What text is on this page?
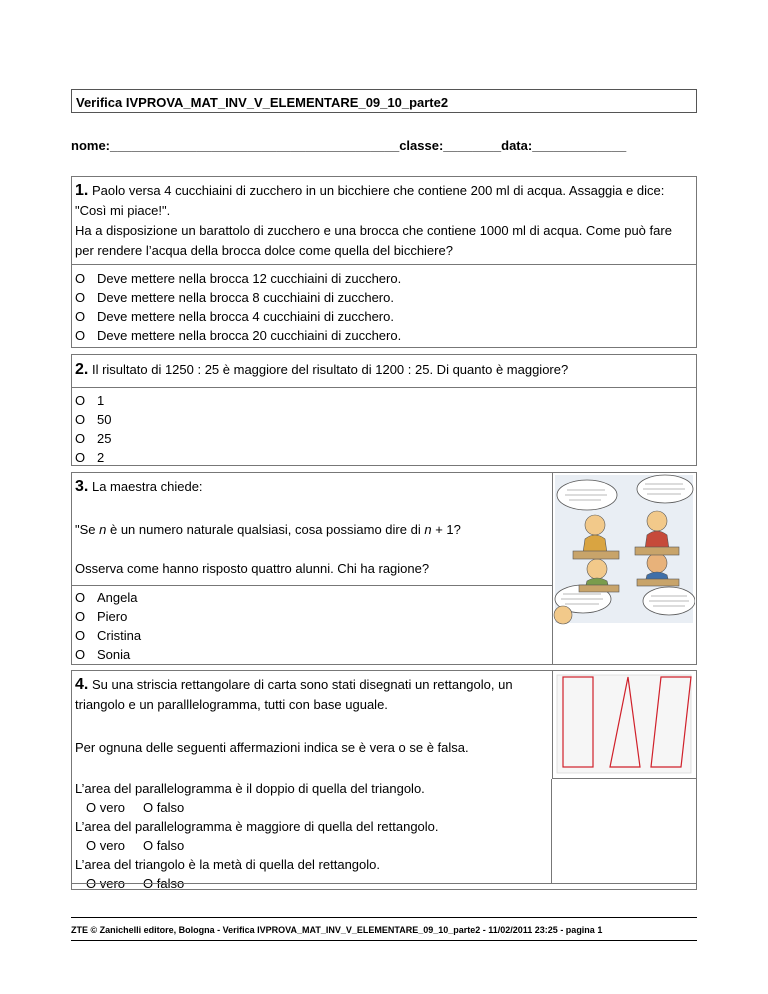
Verifica IVPROVA_MAT_INV_V_ELEMENTARE_09_10_parte2
nome:________________________________________classe:________data:_____________
1. Paolo versa 4 cucchiaini di zucchero in un bicchiere che contiene 200 ml di acqua. Assaggia e dice:
"Così mi piace!".
Ha a disposizione un barattolo di zucchero e una brocca che contiene 1000 ml di acqua. Come può fare
per rendere l’acqua della brocca dolce come quella del bicchiere?
O Deve mettere nella brocca 12 cucchiaini di zucchero.
O Deve mettere nella brocca 8 cucchiaini di zucchero.
O Deve mettere nella brocca 4 cucchiaini di zucchero.
O Deve mettere nella brocca 20 cucchiaini di zucchero.
2. Il risultato di 1250 : 25 è maggiore del risultato di 1200 : 25. Di quanto è maggiore?
O 1
O 50
O 25
O 2
3. La maestra chiede:
"Se n è un numero naturale qualsiasi, cosa possiamo dire di n + 1?
Osserva come hanno risposto quattro alunni. Chi ha ragione?
O Angela
O Piero
O Cristina
O Sonia
4. Su una striscia rettangolare di carta sono stati disegnati un rettangolo, un
triangolo e un paralllelogramma, tutti con base uguale.
Per ognuna delle seguenti affermazioni indica se è vera o se è falsa.
L’area del parallelogramma è il doppio di quella del triangolo.
O vero O falso
L’area del parallelogramma è maggiore di quella del rettangolo.
O vero O falso
L’area del triangolo è la metà di quella del rettangolo.
O vero O falso
ZTE © Zanichelli editore, Bologna - Verifica IVPROVA_MAT_INV_V_ELEMENTARE_09_10_parte2 - 11/02/2011 23:25 - pagina 1
